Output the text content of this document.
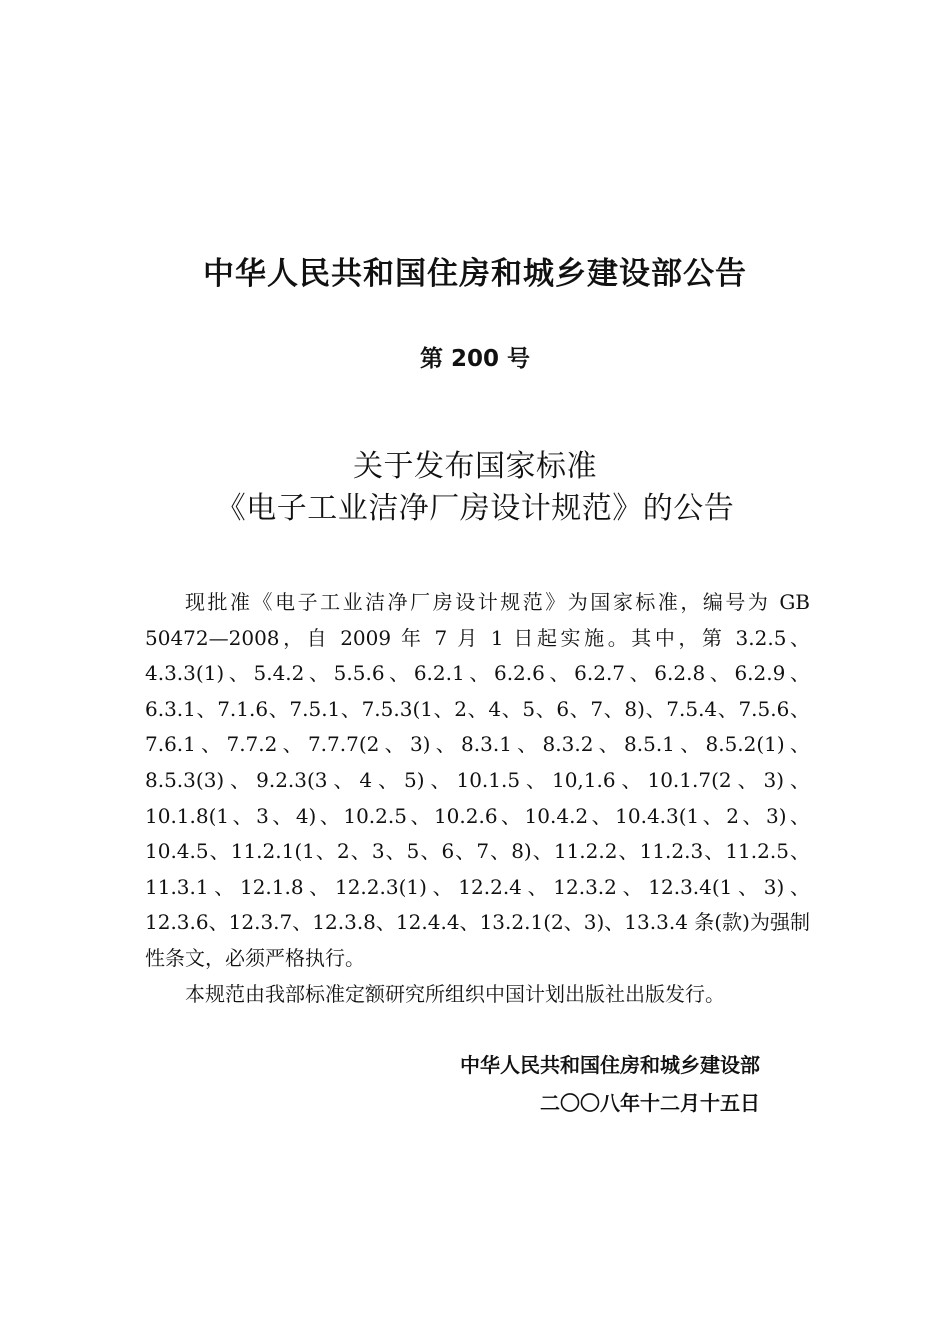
中华人民共和国住房和城乡建设部公告
第 200 号
关于发布国家标准
《电子工业洁净厂房设计规范》的公告

现批准《电子工业洁净厂房设计规范》为国家标准，编号为 GB 50472—2008，自 2009 年 7 月 1 日起实施。其中，第 3.2.5、4.3.3(1)、5.4.2、5.5.6、6.2.1、6.2.6、6.2.7、6.2.8、6.2.9、6.3.1、7.1.6、7.5.1、7.5.3(1、2、4、5、6、7、8)、7.5.4、7.5.6、7.6.1、7.7.2、7.7.7(2、3)、8.3.1、8.3.2、8.5.1、8.5.2(1)、8.5.3(3)、9.2.3(3、4、5)、10.1.5、10,1.6、10.1.7(2、3)、10.1.8(1、3、4)、10.2.5、10.2.6、10.4.2、10.4.3(1、2、3)、10.4.5、11.2.1(1、2、3、5、6、7、8)、11.2.2、11.2.3、11.2.5、11.3.1、12.1.8、12.2.3(1)、12.2.4、12.3.2、12.3.4(1、3)、12.3.6、12.3.7、12.3.8、12.4.4、13.2.1(2、3)、13.3.4 条(款)为强制性条文，必须严格执行。

本规范由我部标准定额研究所组织中国计划出版社出版发行。

中华人民共和国住房和城乡建设部
二〇〇八年十二月十五日
